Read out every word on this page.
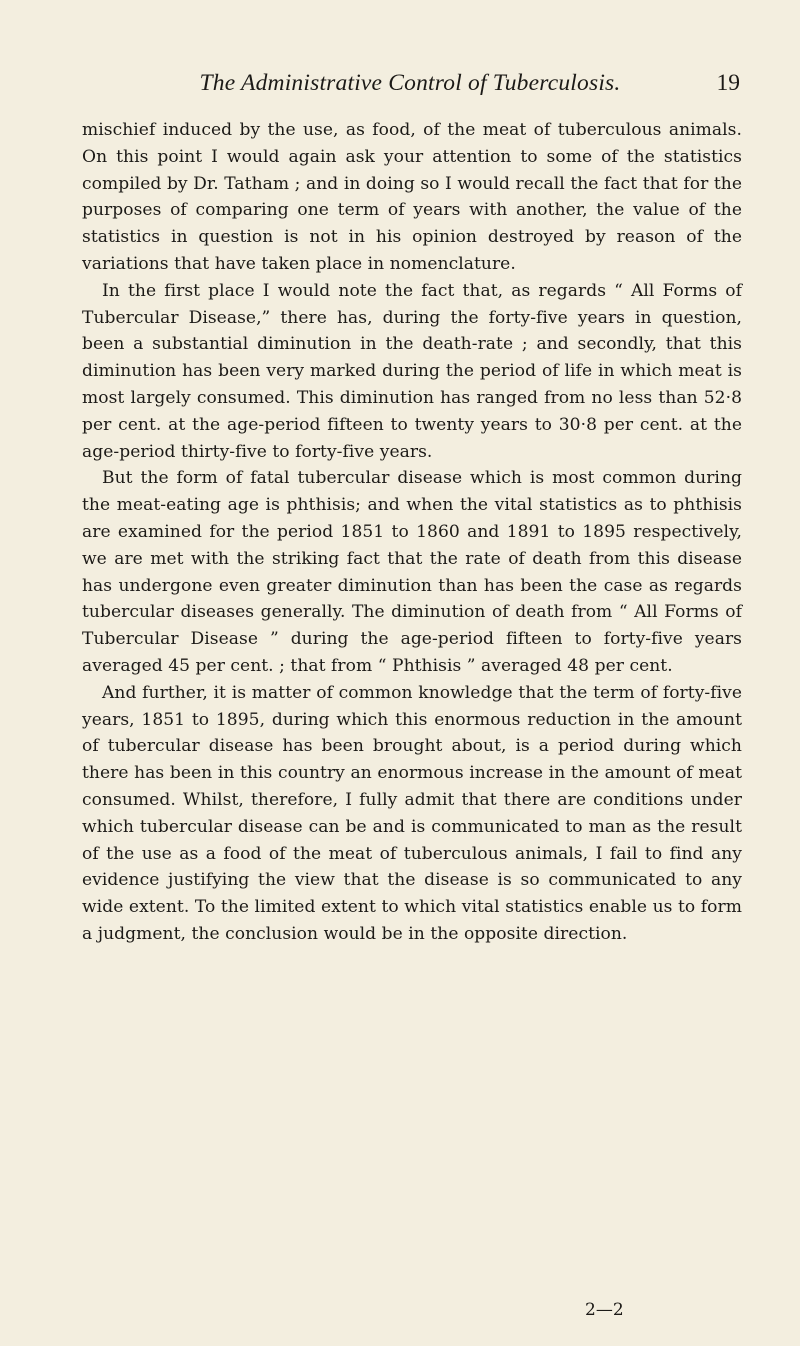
The Administrative Control of Tuberculosis.	19

mischief induced by the use, as food, of the meat of tuberculous animals. On this point I would again ask your attention to some of the statistics compiled by Dr. Tatham ; and in doing so I would recall the fact that for the purposes of comparing one term of years with another, the value of the statistics in question is not in his opinion destroyed by reason of the variations that have taken place in nomenclature.

In the first place I would note the fact that, as regards “ All Forms of Tubercular Disease,” there has, during the forty-five years in question, been a substantial diminution in the death-rate ; and secondly, that this diminution has been very marked during the period of life in which meat is most largely consumed. This diminution has ranged from no less than 52·8 per cent. at the age-period fifteen to twenty years to 30·8 per cent. at the age-period thirty-five to forty-five years.

But the form of fatal tubercular disease which is most common during the meat-eating age is phthisis; and when the vital statistics as to phthisis are examined for the period 1851 to 1860 and 1891 to 1895 respectively, we are met with the striking fact that the rate of death from this disease has undergone even greater diminution than has been the case as regards tubercular diseases generally. The diminution of death from “ All Forms of Tubercular Disease ” during the age-period fifteen to forty-five years averaged 45 per cent. ; that from “ Phthisis ” averaged 48 per cent.

And further, it is matter of common knowledge that the term of forty-five years, 1851 to 1895, during which this enormous reduction in the amount of tubercular disease has been brought about, is a period during which there has been in this country an enormous increase in the amount of meat consumed. Whilst, therefore, I fully admit that there are conditions under which tubercular disease can be and is communicated to man as the result of the use as a food of the meat of tuberculous animals, I fail to find any evidence justifying the view that the disease is so communicated to any wide extent. To the limited extent to which vital statistics enable us to form a judgment, the conclusion would be in the opposite direction.

2—2
